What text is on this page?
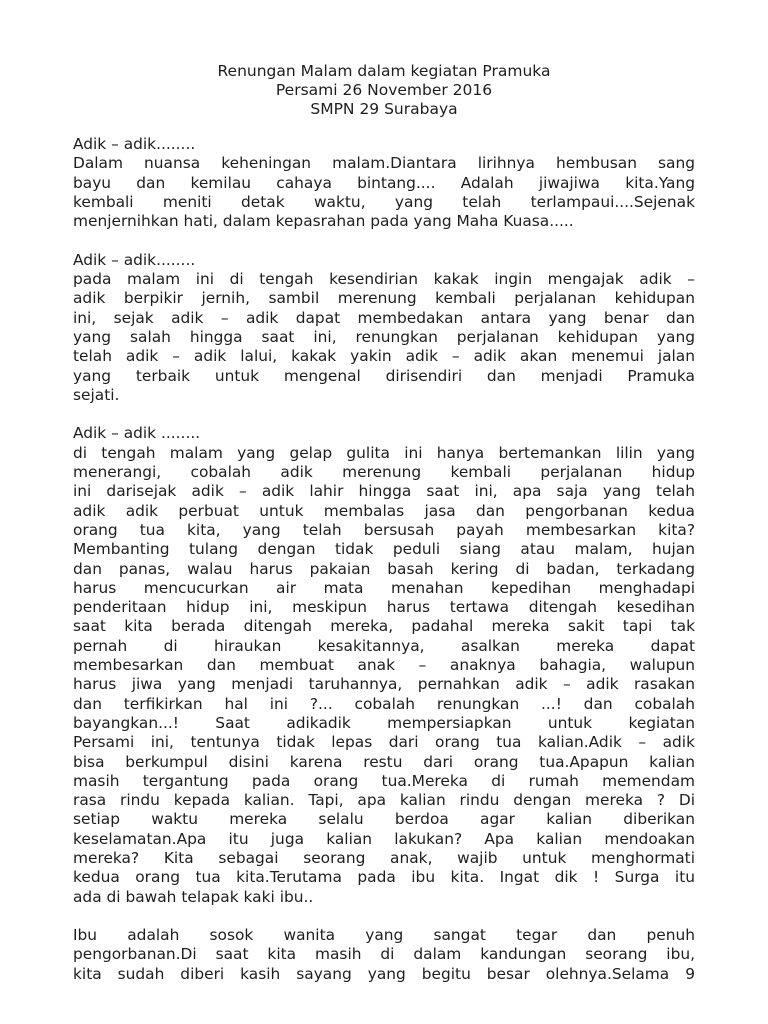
Renungan Malam dalam kegiatan Pramuka
Persami 26 November 2016
SMPN 29 Surabaya
Adik – adik........
Dalam nuansa keheningan malam.Diantara lirihnya hembusan sang
bayu dan kemilau cahaya bintang.... Adalah jiwajiwa kita.Yang
kembali meniti detak waktu, yang telah terlampaui....Sejenak
menjernihkan hati, dalam kepasrahan pada yang Maha Kuasa.....
Adik – adik........
pada malam ini di tengah kesendirian kakak ingin mengajak adik –
adik berpikir jernih, sambil merenung kembali perjalanan kehidupan
ini, sejak adik – adik dapat membedakan antara yang benar dan
yang salah hingga saat ini, renungkan perjalanan kehidupan yang
telah adik – adik lalui, kakak yakin adik – adik akan menemui jalan
yang terbaik untuk mengenal dirisendiri dan menjadi Pramuka
sejati.
Adik – adik ........
di tengah malam yang gelap gulita ini hanya bertemankan lilin yang
menerangi, cobalah adik merenung kembali perjalanan hidup
ini darisejak adik – adik lahir hingga saat ini, apa saja yang telah
adik adik perbuat untuk membalas jasa dan pengorbanan kedua
orang tua kita, yang telah bersusah payah membesarkan kita?
Membanting tulang dengan tidak peduli siang atau malam, hujan
dan panas, walau harus pakaian basah kering di badan, terkadang
harus mencucurkan air mata menahan kepedihan menghadapi
penderitaan hidup ini, meskipun harus tertawa ditengah kesedihan
saat kita berada ditengah mereka, padahal mereka sakit tapi tak
pernah di hiraukan kesakitannya, asalkan mereka dapat
membesarkan dan membuat anak – anaknya bahagia, walupun
harus jiwa yang menjadi taruhannya, pernahkan adik – adik rasakan
dan terfikirkan hal ini ?... cobalah renungkan ...! dan cobalah
bayangkan...! Saat adikadik mempersiapkan untuk kegiatan
Persami ini, tentunya tidak lepas dari orang tua kalian.Adik – adik
bisa berkumpul disini karena restu dari orang tua.Apapun kalian
masih tergantung pada orang tua.Mereka di rumah memendam
rasa rindu kepada kalian. Tapi, apa kalian rindu dengan mereka ? Di
setiap waktu mereka selalu berdoa agar kalian diberikan
keselamatan.Apa itu juga kalian lakukan? Apa kalian mendoakan
mereka? Kita sebagai seorang anak, wajib untuk menghormati
kedua orang tua kita.Terutama pada ibu kita. Ingat dik ! Surga itu
ada di bawah telapak kaki ibu..
Ibu adalah sosok wanita yang sangat tegar dan penuh
pengorbanan.Di saat kita masih di dalam kandungan seorang ibu,
kita sudah diberi kasih sayang yang begitu besar olehnya.Selama 9
